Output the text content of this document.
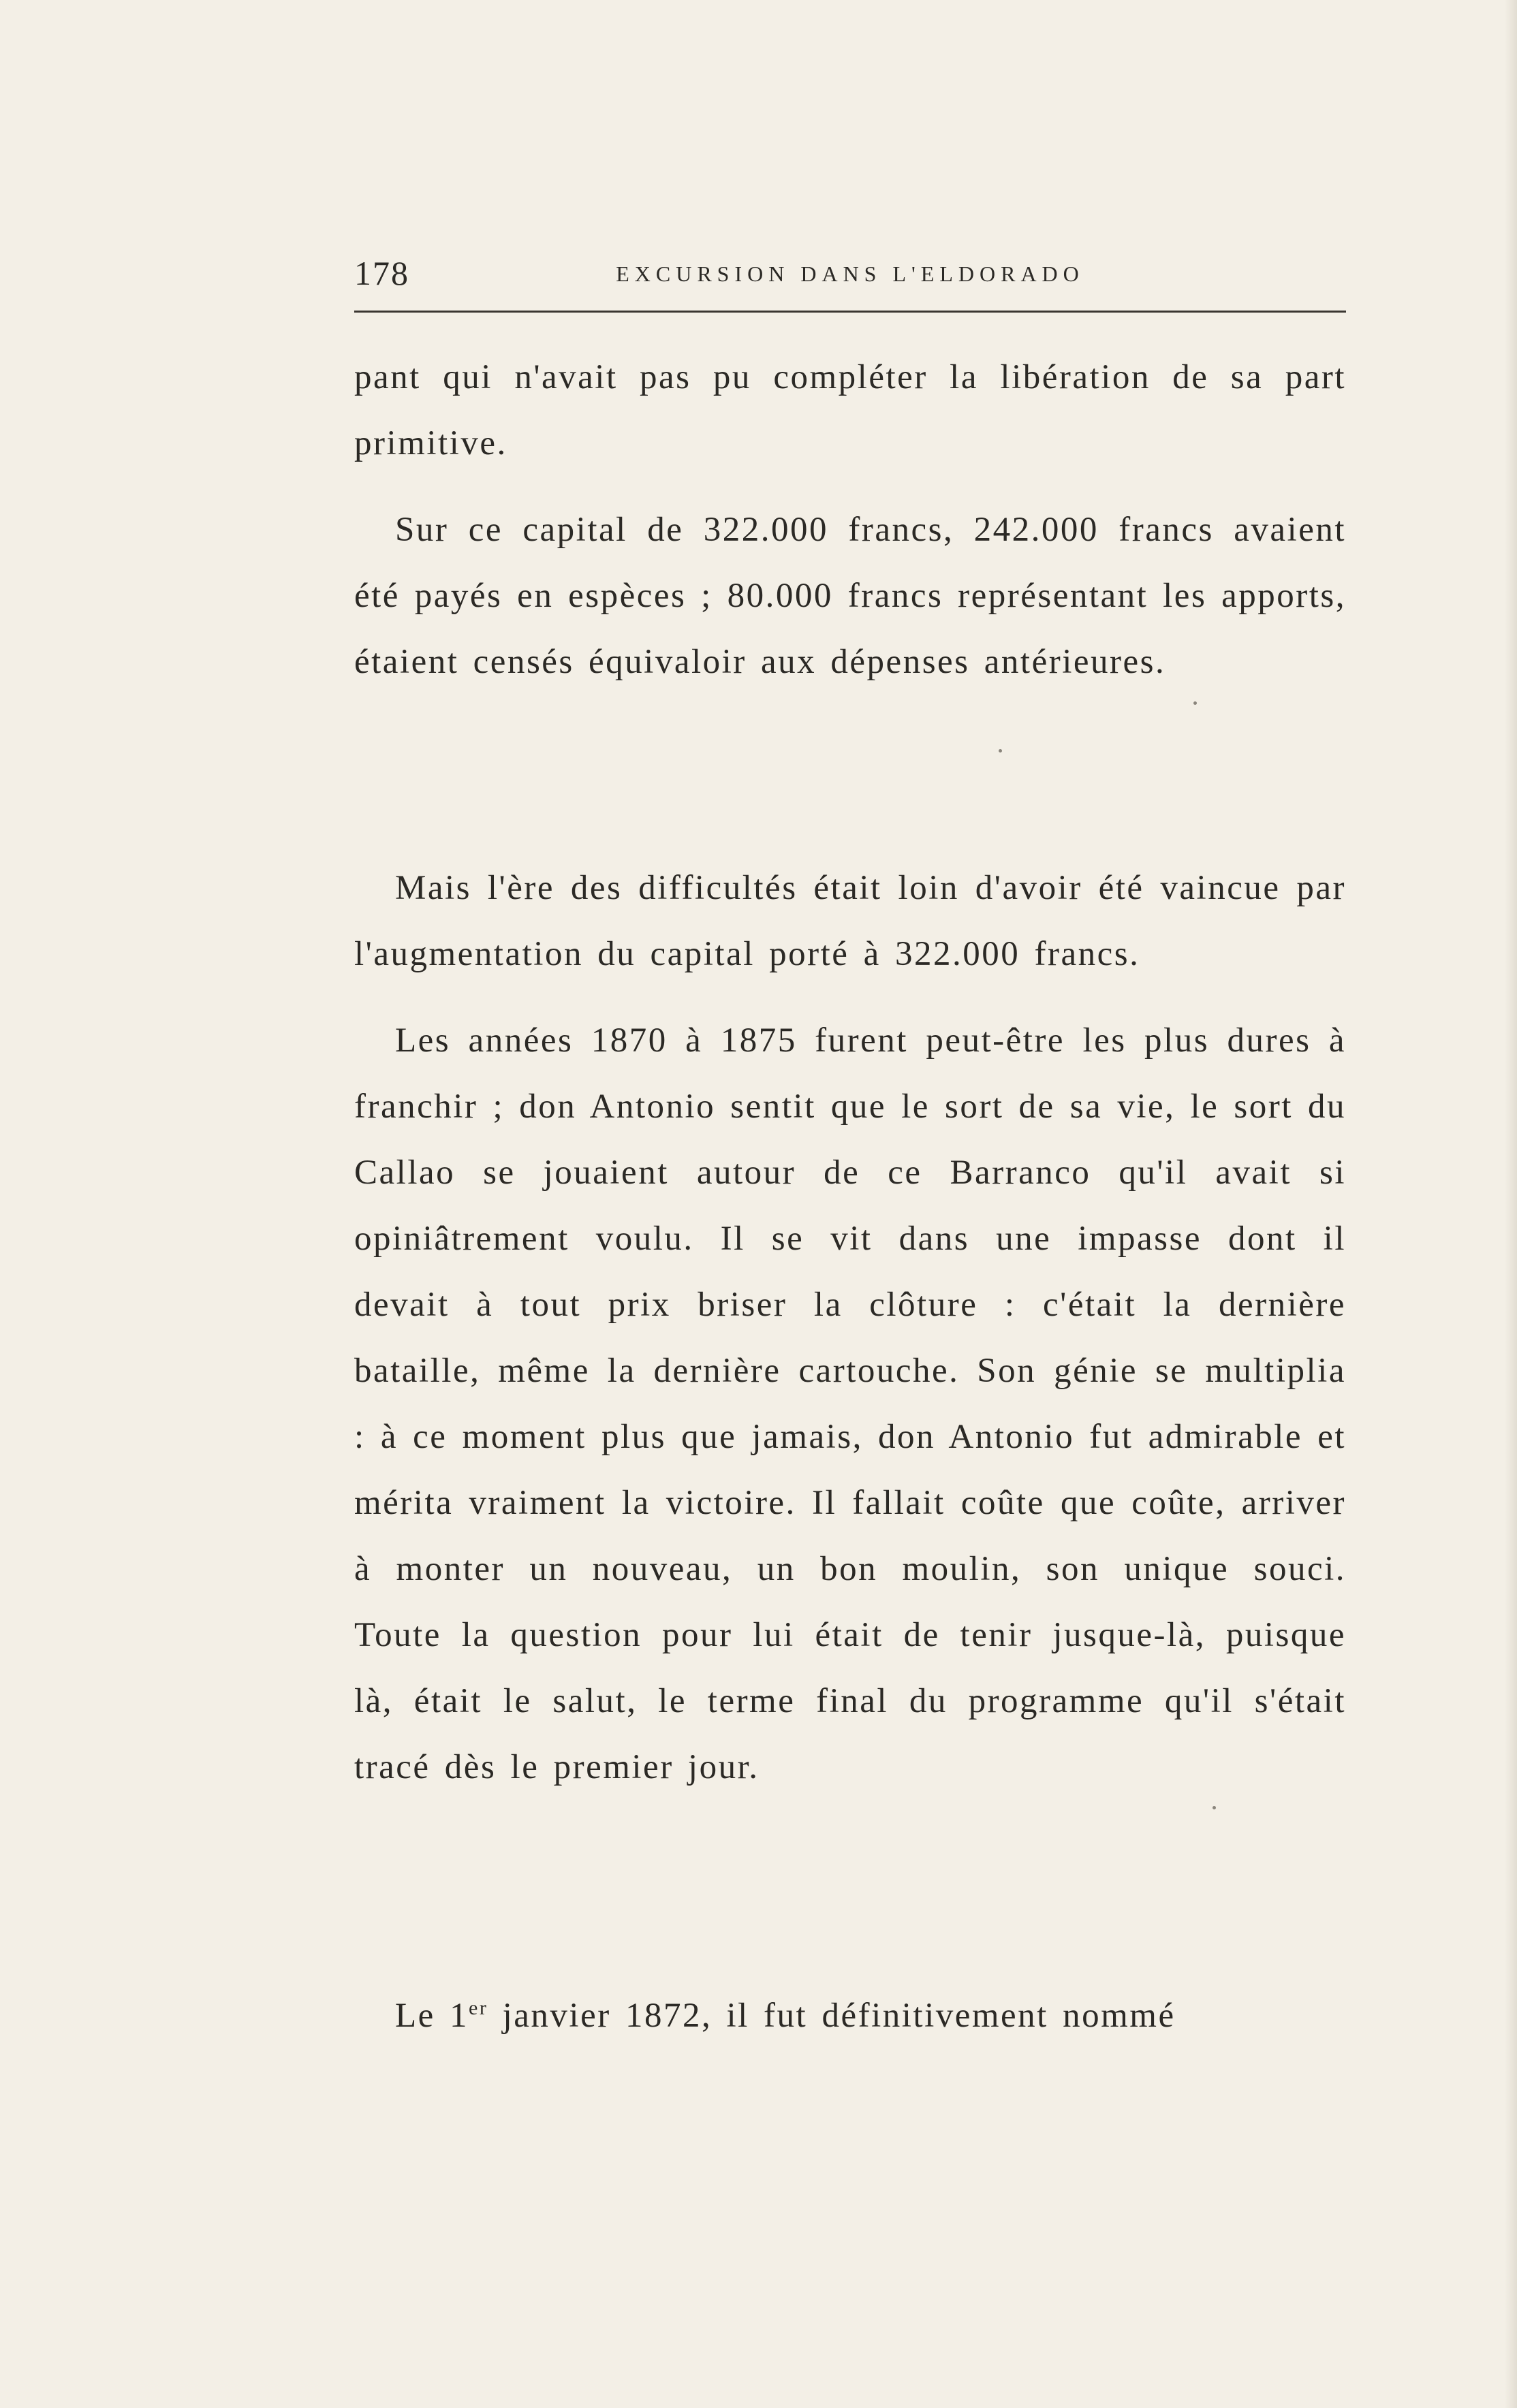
178	EXCURSION DANS L'ELDORADO

pant qui n'avait pas pu compléter la libération de sa part primitive.

Sur ce capital de 322.000 francs, 242.000 francs avaient été payés en espèces ; 80.000 francs représentant les apports, étaient censés équivaloir aux dépenses antérieures.

Mais l'ère des difficultés était loin d'avoir été vaincue par l'augmentation du capital porté à 322.000 francs.

Les années 1870 à 1875 furent peut-être les plus dures à franchir ; don Antonio sentit que le sort de sa vie, le sort du Callao se jouaient autour de ce Barranco qu'il avait si opiniâtrement voulu. Il se vit dans une impasse dont il devait à tout prix briser la clôture : c'était la dernière bataille, même la dernière cartouche. Son génie se multiplia : à ce moment plus que jamais, don Antonio fut admirable et mérita vraiment la victoire. Il fallait coûte que coûte, arriver à monter un nouveau, un bon moulin, son unique souci. Toute la question pour lui était de tenir jusque-là, puisque là, était le salut, le terme final du programme qu'il s'était tracé dès le premier jour.

Le 1er janvier 1872, il fut définitivement nommé
